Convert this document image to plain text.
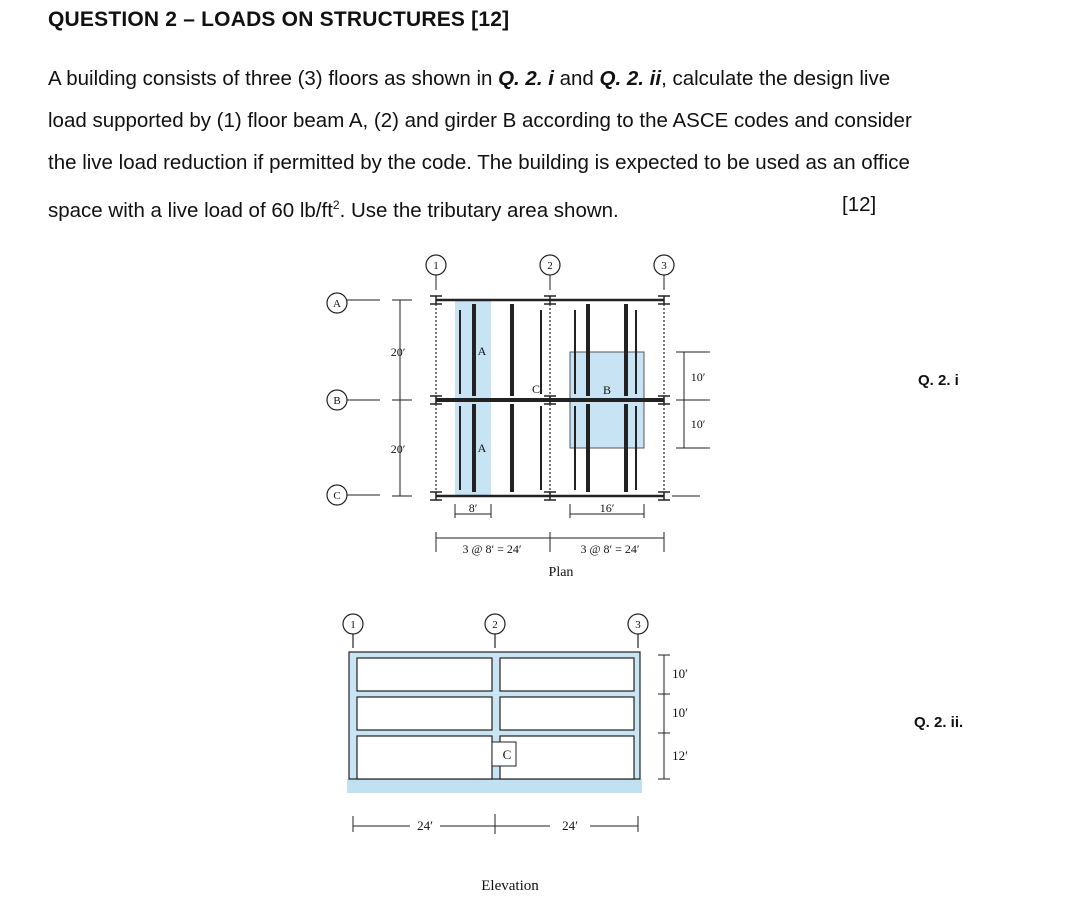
QUESTION 2 – LOADS ON STRUCTURES [12]

A building consists of three (3) floors as shown in Q. 2. i and Q. 2. ii, calculate the design live

load supported by (1) floor beam A, (2) and girder B according to the ASCE codes and consider

the live load reduction if permitted by the code. The building is expected to be used as an office

space with a live load of 60 $lb/ft^2$. Use the tributary area shown.	[12]
Q. 2. i
Q. 2. ii.
1	2	3
A
B
C
20′
20′
10′
10′
A
A
B
C
8′	16′
3 @ 8′ = 24′	3 @ 8′ = 24′
Plan
1	2	3
10′
10′
12′
C
24′	24′
Elevation
